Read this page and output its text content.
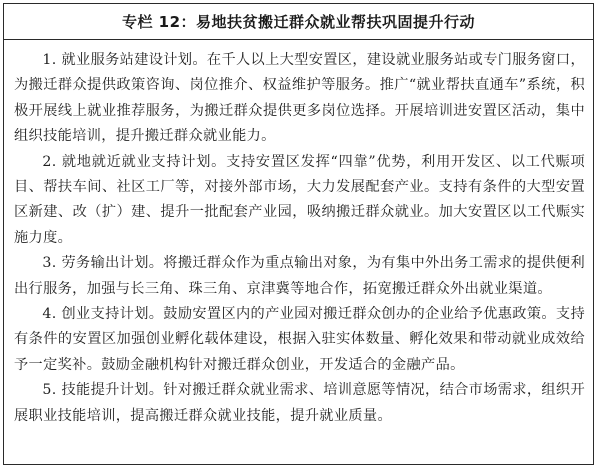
专栏 12：易地扶贫搬迁群众就业帮扶巩固提升行动

1. 就业服务站建设计划。在千人以上大型安置区，建设就业服务站或专门服务窗口，为搬迁群众提供政策咨询、岗位推介、权益维护等服务。推广“就业帮扶直通车”系统，积极开展线上就业推荐服务，为搬迁群众提供更多岗位选择。开展培训进安置区活动，集中组织技能培训，提升搬迁群众就业能力。

2. 就地就近就业支持计划。支持安置区发挥“四靠”优势，利用开发区、以工代赈项目、帮扶车间、社区工厂等，对接外部市场，大力发展配套产业。支持有条件的大型安置区新建、改（扩）建、提升一批配套产业园，吸纳搬迁群众就业。加大安置区以工代赈实施力度。

3. 劳务输出计划。将搬迁群众作为重点输出对象，为有集中外出务工需求的提供便利出行服务，加强与长三角、珠三角、京津冀等地合作，拓宽搬迁群众外出就业渠道。

4. 创业支持计划。鼓励安置区内的产业园对搬迁群众创办的企业给予优惠政策。支持有条件的安置区加强创业孵化载体建设，根据入驻实体数量、孵化效果和带动就业成效给予一定奖补。鼓励金融机构针对搬迁群众创业，开发适合的金融产品。

5. 技能提升计划。针对搬迁群众就业需求、培训意愿等情况，结合市场需求，组织开展职业技能培训，提高搬迁群众就业技能，提升就业质量。
